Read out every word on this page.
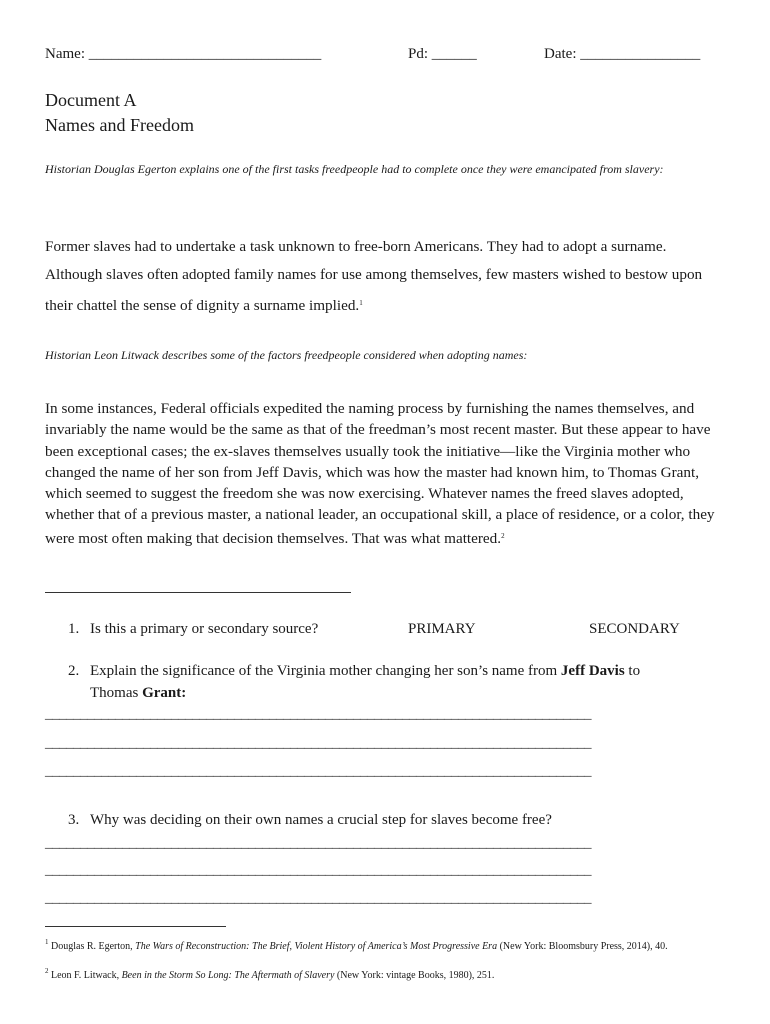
Name: _______________________________	Pd: ______	Date: ________________
Document A
Names and Freedom
Historian Douglas Egerton explains one of the first tasks freedpeople had to complete once they were emancipated from slavery:
Former slaves had to undertake a task unknown to free-born Americans. They had to adopt a surname. Although slaves often adopted family names for use among themselves, few masters wished to bestow upon their chattel the sense of dignity a surname implied.$^1$
Historian Leon Litwack describes some of the factors freedpeople considered when adopting names:
In some instances, Federal officials expedited the naming process by furnishing the names themselves, and invariably the name would be the same as that of the freedman’s most recent master. But these appear to have been exceptional cases; the ex-slaves themselves usually took the initiative—like the Virginia mother who changed the name of her son from Jeff Davis, which was how the master had known him, to Thomas Grant, which seemed to suggest the freedom she was now exercising. Whatever names the freed slaves adopted, whether that of a previous master, a national leader, an occupational skill, a place of residence, or a color, they were most often making that decision themselves. That was what mattered.$^2$
1. Is this a primary or secondary source?	PRIMARY	SECONDARY
2. Explain the significance of the Virginia mother changing her son’s name from Jeff Davis to
Thomas Grant:
______________________________________________________________________________
______________________________________________________________________________
______________________________________________________________________________
3. Why was deciding on their own names a crucial step for slaves become free?
______________________________________________________________________________
______________________________________________________________________________
______________________________________________________________________________
$^1$ Douglas R. Egerton, The Wars of Reconstruction: The Brief, Violent History of America’s Most Progressive Era (New York: Bloomsbury Press, 2014), 40.
$^2$ Leon F. Litwack, Been in the Storm So Long: The Aftermath of Slavery (New York: vintage Books, 1980), 251.
